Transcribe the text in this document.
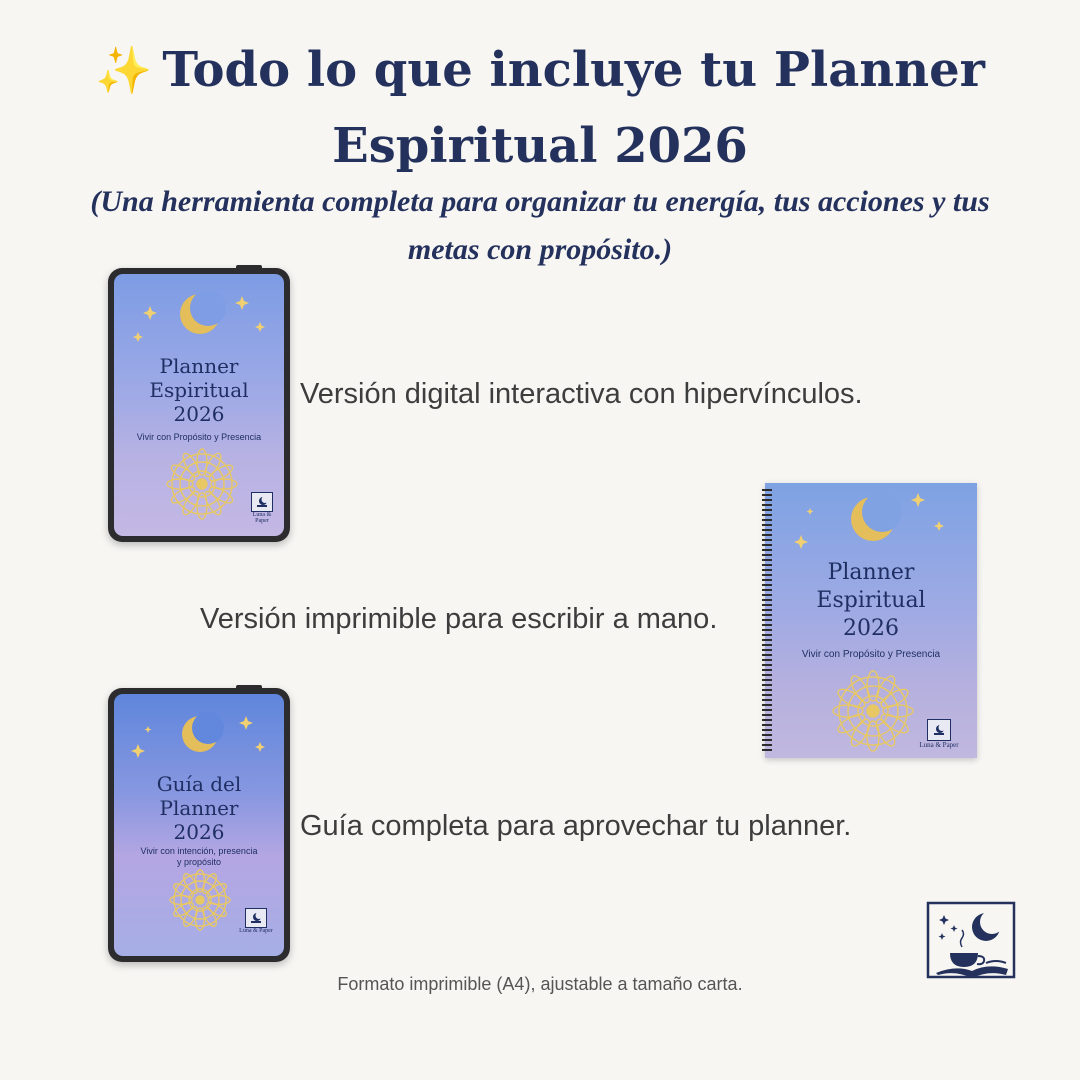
✨ Todo lo que incluye tu Planner
Espiritual 2026
(Una herramienta completa para organizar tu energía, tus acciones y tus
metas con propósito.)
Planner
Espiritual
2026
Vivir con Propósito y Presencia
Luna & Paper
Versión digital interactiva con hipervínculos.
Planner
Espiritual
2026
Vivir con Propósito y Presencia
Luna & Paper
Versión imprimible para escribir a mano.
Guía del
Planner
2026
Vivir con intención, presencia
y propósito
Luna & Paper
Guía completa para aprovechar tu planner.
Formato imprimible (A4), ajustable a tamaño carta.
